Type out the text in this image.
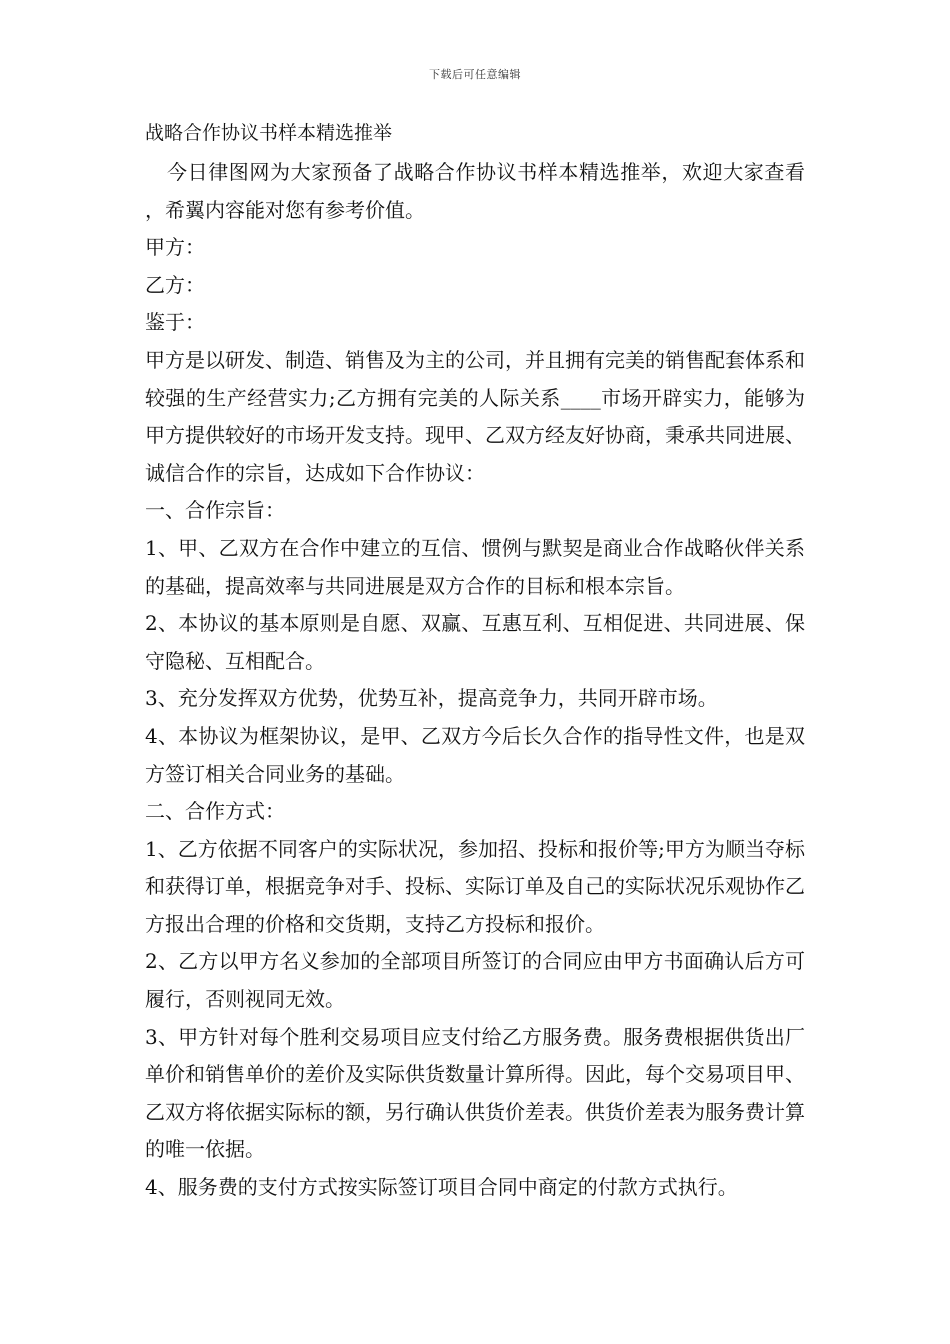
下载后可任意编辑
战略合作协议书样本精选推举

今日律图网为大家预备了战略合作协议书样本精选推举，欢迎大家查看，希翼内容能对您有参考价值。

甲方：

乙方：

鉴于：

甲方是以研发、制造、销售及为主的公司，并且拥有完美的销售配套体系和较强的生产经营实力;乙方拥有完美的人际关系____市场开辟实力，能够为甲方提供较好的市场开发支持。现甲、乙双方经友好协商，秉承共同进展、诚信合作的宗旨，达成如下合作协议：

一、合作宗旨：

1、甲、乙双方在合作中建立的互信、惯例与默契是商业合作战略伙伴关系的基础，提高效率与共同进展是双方合作的目标和根本宗旨。

2、本协议的基本原则是自愿、双赢、互惠互利、互相促进、共同进展、保守隐秘、互相配合。

3、充分发挥双方优势，优势互补，提高竞争力，共同开辟市场。

4、本协议为框架协议，是甲、乙双方今后长久合作的指导性文件，也是双方签订相关合同业务的基础。

二、合作方式：

1、乙方依据不同客户的实际状况，参加招、投标和报价等;甲方为顺当夺标和获得订单，根据竞争对手、投标、实际订单及自己的实际状况乐观协作乙方报出合理的价格和交货期，支持乙方投标和报价。

2、乙方以甲方名义参加的全部项目所签订的合同应由甲方书面确认后方可履行，否则视同无效。

3、甲方针对每个胜利交易项目应支付给乙方服务费。服务费根据供货出厂单价和销售单价的差价及实际供货数量计算所得。因此，每个交易项目甲、乙双方将依据实际标的额，另行确认供货价差表。供货价差表为服务费计算的唯一依据。

4、服务费的支付方式按实际签订项目合同中商定的付款方式执行。
